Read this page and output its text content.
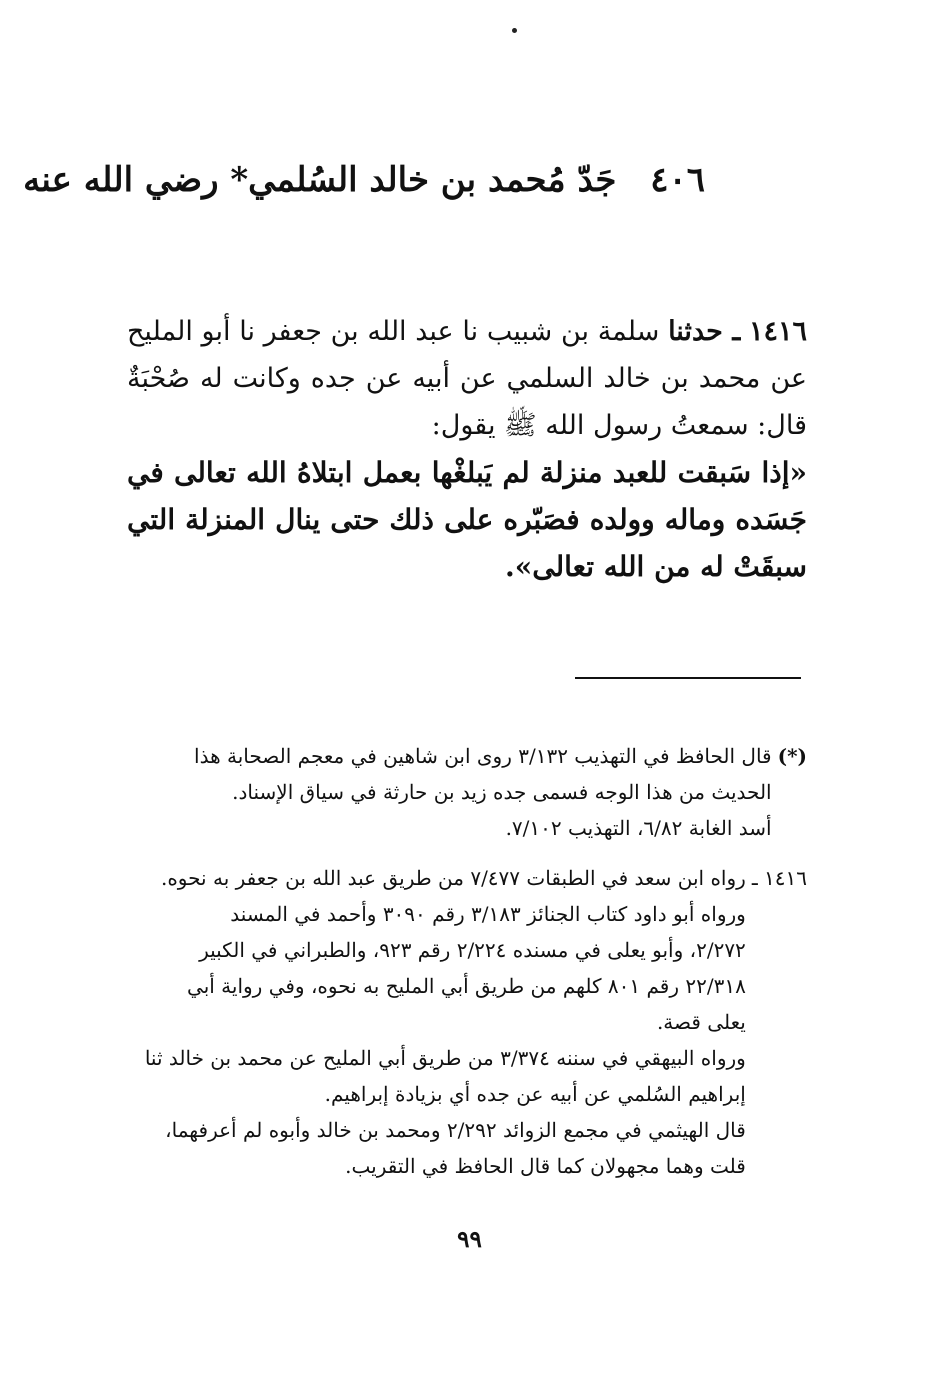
٤٠٦ جَدّ مُحمد بن خالد السُلمي* رضي الله عنه

١٤١٦ ـ حدثنا سلمة بن شبيب نا عبد الله بن جعفر نا أبو المليح عن محمد بن خالد السلمي عن أبيه عن جده وكانت له صُحْبَةٌ قال: سمعتُ رسول الله ﷺ يقول:

«إذا سَبقت للعبد منزلة لم يَبلغْها بعمل ابتلاهُ الله تعالى في جَسَده وماله وولده فصَبّره على ذلك حتى ينال المنزلة التي سبقَتْ له من الله تعالى».

(*)
قال الحافظ في التهذيب ٣/١٣٢ روى ابن شاهين في معجم الصحابة هذا
الحديث من هذا الوجه فسمى جده زيد بن حارثة في سياق الإسناد.
أسد الغابة ٦/٨٢، التهذيب ٧/١٠٢.
١٤١٦ ـ
رواه ابن سعد في الطبقات ٧/٤٧٧ من طريق عبد الله بن جعفر به نحوه.
ورواه أبو داود كتاب الجنائز ٣/١٨٣ رقم ٣٠٩٠ وأحمد في المسند
٢/٢٧٢، وأبو يعلى في مسنده ٢/٢٢٤ رقم ٩٢٣، والطبراني في الكبير
٢٢/٣١٨ رقم ٨٠١ كلهم من طريق أبي المليح به نحوه، وفي رواية أبي
يعلى قصة.
ورواه البيهقي في سننه ٣/٣٧٤ من طريق أبي المليح عن محمد بن خالد ثنا
إبراهيم السُلمي عن أبيه عن جده أي بزيادة إبراهيم.
قال الهيثمي في مجمع الزوائد ٢/٢٩٢ ومحمد بن خالد وأبوه لم أعرفهما،
قلت وهما مجهولان كما قال الحافظ في التقريب.
٩٩
